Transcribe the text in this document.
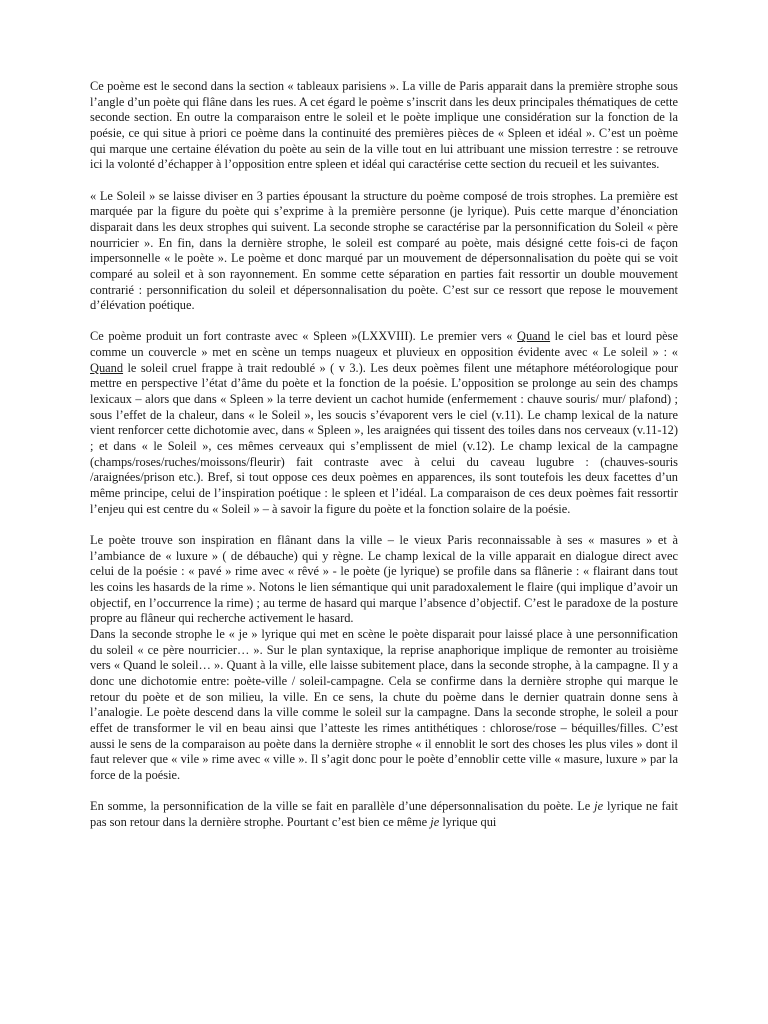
Ce poème est le second dans la section « tableaux parisiens ». La ville de Paris apparait dans la première strophe sous l’angle d’un poète qui flâne dans les rues. A cet égard le poème s’inscrit dans les deux principales thématiques de cette seconde section. En outre la comparaison entre le soleil et le poète implique une considération sur la fonction de la poésie, ce qui situe à priori ce poème dans la continuité des premières pièces de « Spleen et idéal ». C’est un poème qui marque une certaine élévation du poète au sein de la ville tout en lui attribuant une mission terrestre : se retrouve ici la volonté d’échapper à l’opposition entre spleen et idéal qui caractérise cette section du recueil et les suivantes.

« Le Soleil » se laisse diviser en 3 parties épousant la structure du poème composé de trois strophes. La première est marquée par la figure du poète qui s’exprime à la première personne (je lyrique). Puis cette marque d’énonciation disparait dans les deux strophes qui suivent. La seconde strophe se caractérise par la personnification du Soleil « père nourricier ». En fin, dans la dernière strophe, le soleil est comparé au poète, mais désigné cette fois-ci de façon impersonnelle « le poète ». Le poème et donc marqué par un mouvement de dépersonnalisation du poète qui se voit comparé au soleil et à son rayonnement. En somme cette séparation en parties fait ressortir un double mouvement contrarié : personnification du soleil et dépersonnalisation du poète. C’est sur ce ressort que repose le mouvement d’élévation poétique.

Ce poème produit un fort contraste avec « Spleen »(LXXVIII). Le premier vers « Quand le ciel bas et lourd pèse comme un couvercle » met en scène un temps nuageux et pluvieux en opposition évidente avec « Le soleil » : « Quand le soleil cruel frappe à trait redoublé » ( v 3.). Les deux poèmes filent une métaphore météorologique pour mettre en perspective l’état d’âme du poète et la fonction de la poésie. L’opposition se prolonge au sein des champs lexicaux – alors que dans « Spleen » la terre devient un cachot humide (enfermement : chauve souris/ mur/ plafond) ; sous l’effet de la chaleur, dans « le Soleil », les soucis s’évaporent vers le ciel (v.11). Le champ lexical de la nature vient renforcer cette dichotomie avec, dans « Spleen », les araignées qui tissent des toiles dans nos cerveaux (v.11-12) ; et dans « le Soleil », ces mêmes cerveaux qui s’emplissent de miel (v.12). Le champ lexical de la campagne (champs/roses/ruches/moissons/fleurir) fait contraste avec à celui du caveau lugubre : (chauves-souris /araignées/prison etc.). Bref, si tout oppose ces deux poèmes en apparences, ils sont toutefois les deux facettes d’un même principe, celui de l’inspiration poétique : le spleen et l’idéal. La comparaison de ces deux poèmes fait ressortir l’enjeu qui est centre du « Soleil » – à savoir la figure du poète et la fonction solaire de la poésie.

Le poète trouve son inspiration en flânant dans la ville – le vieux Paris reconnaissable à ses « masures » et à l’ambiance de « luxure » ( de débauche) qui y règne. Le champ lexical de la ville apparait en dialogue direct avec celui de la poésie : « pavé » rime avec « rêvé » - le poète (je lyrique) se profile dans sa flânerie : « flairant dans tout les coins les hasards de la rime ». Notons le lien sémantique qui unit paradoxalement le flaire (qui implique d’avoir un objectif, en l’occurrence la rime) ; au terme de hasard qui marque l’absence d’objectif. C’est le paradoxe de la posture propre au flâneur qui recherche activement le hasard.

Dans la seconde strophe le « je » lyrique qui met en scène le poète disparait pour laissé place à une personnification du soleil « ce père nourricier… ». Sur le plan syntaxique, la reprise anaphorique implique de remonter au troisième vers « Quand le soleil… ». Quant à la ville, elle laisse subitement place, dans la seconde strophe, à la campagne. Il y a donc une dichotomie entre: poète-ville / soleil-campagne. Cela se confirme dans la dernière strophe qui marque le retour du poète et de son milieu, la ville. En ce sens, la chute du poème dans le dernier quatrain donne sens à l’analogie. Le poète descend dans la ville comme le soleil sur la campagne. Dans la seconde strophe, le soleil a pour effet de transformer le vil en beau ainsi que l’atteste les rimes antithétiques : chlorose/rose – béquilles/filles. C’est aussi le sens de la comparaison au poète dans la dernière strophe « il ennoblit le sort des choses les plus viles » dont il faut relever que « vile » rime avec « ville ». Il s’agit donc pour le poète d’ennoblir cette ville « masure, luxure » par la force de la poésie.

En somme, la personnification de la ville se fait en parallèle d’une dépersonnalisation du poète. Le je lyrique ne fait pas son retour dans la dernière strophe. Pourtant c’est bien ce même je lyrique qui
